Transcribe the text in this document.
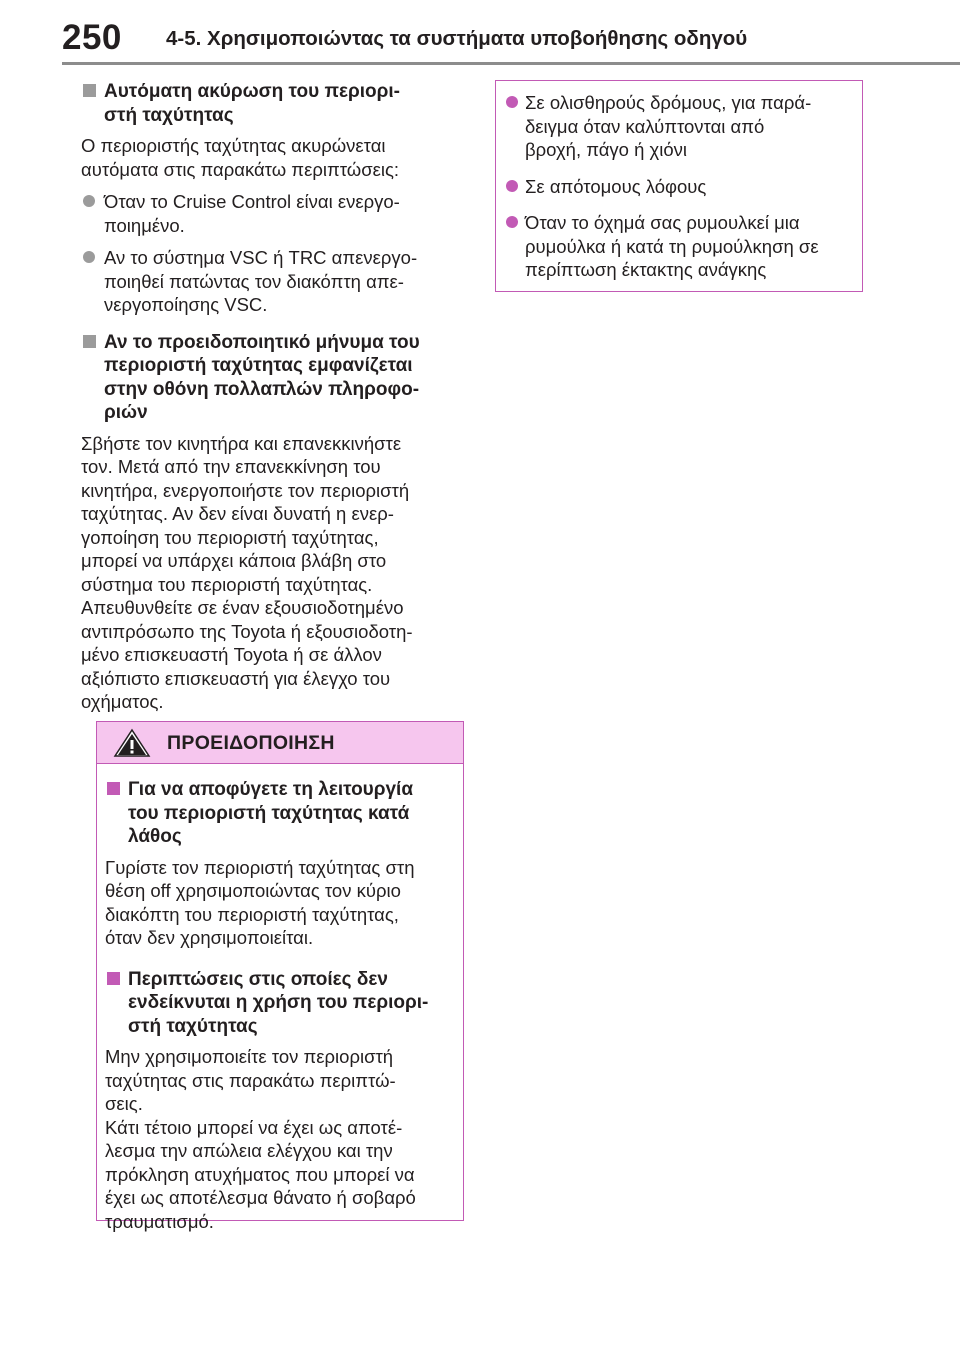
250 4-5. Χρησιμοποιώντας τα συστήματα υποβοήθησης οδηγού
Αυτόματη ακύρωση του περιορι-
στή ταχύτητας

Ο περιοριστής ταχύτητας ακυρώνεται
αυτόματα στις παρακάτω περιπτώσεις:

Όταν το Cruise Control είναι ενεργο-
ποιημένο.
Αν το σύστημα VSC ή TRC απενεργο-
ποιηθεί πατώντας τον διακόπτη απε-
νεργοποίησης VSC.
Αν το προειδοποιητικό μήνυμα του
περιοριστή ταχύτητας εμφανίζεται
στην οθόνη πολλαπλών πληροφο-
ριών

Σβήστε τον κινητήρα και επανεκκινήστε
τον. Μετά από την επανεκκίνηση του
κινητήρα, ενεργοποιήστε τον περιοριστή
ταχύτητας. Αν δεν είναι δυνατή η ενερ-
γοποίηση του περιοριστή ταχύτητας,
μπορεί να υπάρχει κάποια βλάβη στο
σύστημα του περιοριστή ταχύτητας.
Απευθυνθείτε σε έναν εξουσιοδοτημένο
αντιπρόσωπο της Toyota ή εξουσιοδοτη-
μένο επισκευαστή Toyota ή σε άλλον
αξιόπιστο επισκευαστή για έλεγχο του
οχήματος.

ΠΡΟΕΙΔΟΠΟΙΗΣΗ
Για να αποφύγετε τη λειτουργία
του περιοριστή ταχύτητας κατά
λάθος

Γυρίστε τον περιοριστή ταχύτητας στη
θέση off χρησιμοποιώντας τον κύριο
διακόπτη του περιοριστή ταχύτητας,
όταν δεν χρησιμοποιείται.

Περιπτώσεις στις οποίες δεν
ενδείκνυται η χρήση του περιορι-
στή ταχύτητας

Μην χρησιμοποιείτε τον περιοριστή
ταχύτητας στις παρακάτω περιπτώ-
σεις.
Κάτι τέτοιο μπορεί να έχει ως αποτέ-
λεσμα την απώλεια ελέγχου και την
πρόκληση ατυχήματος που μπορεί να
έχει ως αποτέλεσμα θάνατο ή σοβαρό
τραυματισμό.

Σε ολισθηρούς δρόμους, για παρά-
δειγμα όταν καλύπτονται από
βροχή, πάγο ή χιόνι
Σε απότομους λόφους
Όταν το όχημά σας ρυμουλκεί μια
ρυμούλκα ή κατά τη ρυμούλκηση σε
περίπτωση έκτακτης ανάγκης
